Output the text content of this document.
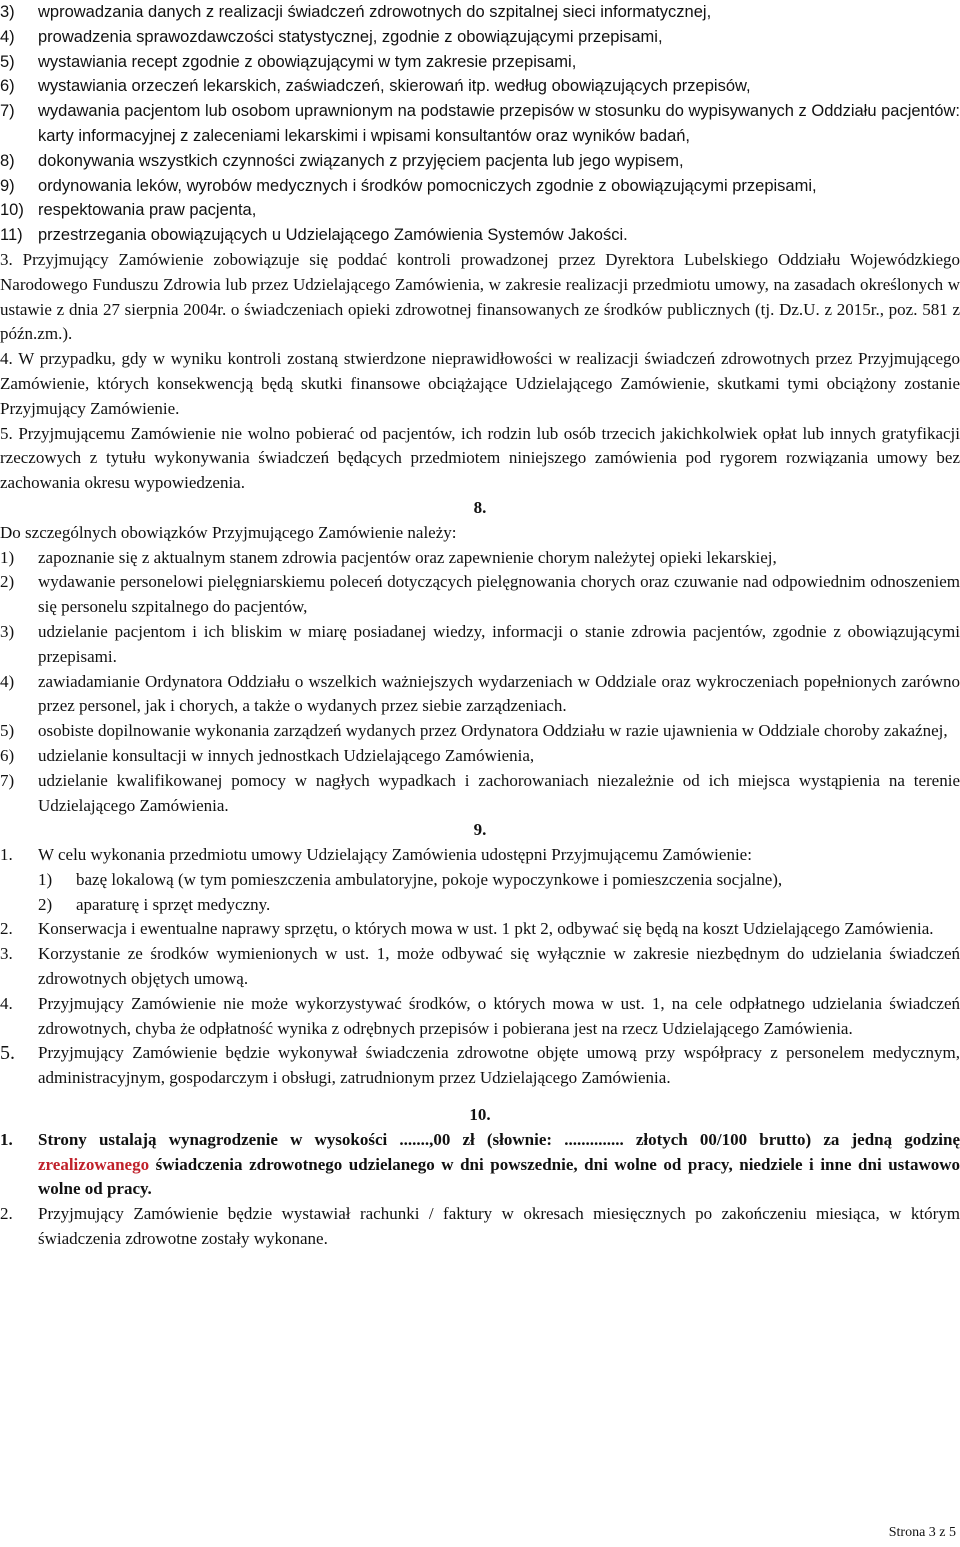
3)	wprowadzania danych z realizacji świadczeń zdrowotnych do szpitalnej sieci informatycznej,
4)	prowadzenia sprawozdawczości statystycznej, zgodnie z obowiązującymi przepisami,
5)	wystawiania recept zgodnie z obowiązującymi w tym zakresie przepisami,
6)	wystawiania orzeczeń lekarskich, zaświadczeń, skierowań itp. według obowiązujących przepisów,
7)	wydawania pacjentom lub osobom uprawnionym na podstawie przepisów w stosunku do wypisywanych z Oddziału pacjentów: karty informacyjnej z zaleceniami lekarskimi i wpisami konsultantów oraz wyników badań,
8)	dokonywania wszystkich czynności związanych z przyjęciem pacjenta lub jego wypisem,
9)	ordynowania leków, wyrobów medycznych i środków pomocniczych zgodnie z obowiązującymi przepisami,
10) respektowania praw pacjenta,
11) przestrzegania obowiązujących u Udzielającego Zamówienia Systemów Jakości.

3. Przyjmujący Zamówienie zobowiązuje się poddać kontroli prowadzonej przez Dyrektora Lubelskiego Oddziału Wojewódzkiego Narodowego Funduszu Zdrowia lub przez Udzielającego Zamówienia, w zakresie realizacji przedmiotu umowy, na zasadach określonych w ustawie z dnia 27 sierpnia 2004r. o świadczeniach opieki zdrowotnej finansowanych ze środków publicznych (tj. Dz.U. z 2015r., poz. 581 z późn.zm.).

4. W przypadku, gdy w wyniku kontroli zostaną stwierdzone nieprawidłowości w realizacji świadczeń zdrowotnych przez Przyjmującego Zamówienie, których konsekwencją będą skutki finansowe obciążające Udzielającego Zamówienie, skutkami tymi obciążony zostanie Przyjmujący Zamówienie.

5. Przyjmującemu Zamówienie nie wolno pobierać od pacjentów, ich rodzin lub osób trzecich jakichkolwiek opłat lub innych gratyfikacji rzeczowych z tytułu wykonywania świadczeń będących przedmiotem niniejszego zamówienia pod rygorem rozwiązania umowy bez zachowania okresu wypowiedzenia.

8.

Do szczególnych obowiązków Przyjmującego Zamówienie należy:

1)	zapoznanie się z aktualnym stanem zdrowia pacjentów oraz zapewnienie chorym należytej opieki lekarskiej,
2)	wydawanie personelowi pielęgniarskiemu poleceń dotyczących pielęgnowania chorych oraz czuwanie nad odpowiednim odnoszeniem się personelu szpitalnego do pacjentów,
3)	udzielanie pacjentom i ich bliskim w miarę posiadanej wiedzy, informacji o stanie zdrowia pacjentów, zgodnie z obowiązującymi przepisami.
4)	zawiadamianie Ordynatora Oddziału o wszelkich ważniejszych wydarzeniach w Oddziale oraz wykroczeniach popełnionych zarówno przez personel, jak i chorych, a także o wydanych przez siebie zarządzeniach.
5)	osobiste dopilnowanie wykonania zarządzeń wydanych przez Ordynatora Oddziału w razie ujawnienia w Oddziale choroby zakaźnej,
6)	udzielanie konsultacji w innych jednostkach Udzielającego Zamówienia,
7)	udzielanie kwalifikowanej pomocy w nagłych wypadkach i zachorowaniach niezależnie od ich miejsca wystąpienia na terenie Udzielającego Zamówienia.

9.

1.	W celu wykonania przedmiotu umowy Udzielający Zamówienia udostępni Przyjmującemu Zamówienie:
1)	bazę lokalową (w tym pomieszczenia ambulatoryjne, pokoje wypoczynkowe i pomieszczenia socjalne),
2)	aparaturę i sprzęt medyczny.
2.	Konserwacja i ewentualne naprawy sprzętu, o których mowa w ust. 1 pkt 2, odbywać się będą na koszt Udzielającego Zamówienia.
3.	Korzystanie ze środków wymienionych w ust. 1, może odbywać się wyłącznie w zakresie niezbędnym do udzielania świadczeń zdrowotnych objętych umową.
4.	Przyjmujący Zamówienie nie może wykorzystywać środków, o których mowa w ust. 1, na cele odpłatnego udzielania świadczeń zdrowotnych, chyba że odpłatność wynika z odrębnych przepisów i pobierana jest na rzecz Udzielającego Zamówienia.
5.	Przyjmujący Zamówienie będzie wykonywał świadczenia zdrowotne objęte umową przy współpracy z personelem medycznym, administracyjnym, gospodarczym i obsługi, zatrudnionym przez Udzielającego Zamówienia.

10.

1.	Strony ustalają wynagrodzenie w wysokości .......,00 zł (słownie: .............. złotych 00/100 brutto) za jedną godzinę zrealizowanego świadczenia zdrowotnego udzielanego w dni powszednie, dni wolne od pracy, niedziele i inne dni ustawowo wolne od pracy.
2.	Przyjmujący Zamówienie będzie wystawiał rachunki / faktury w okresach miesięcznych po zakończeniu miesiąca, w którym świadczenia zdrowotne zostały wykonane.
Strona 3 z 5
